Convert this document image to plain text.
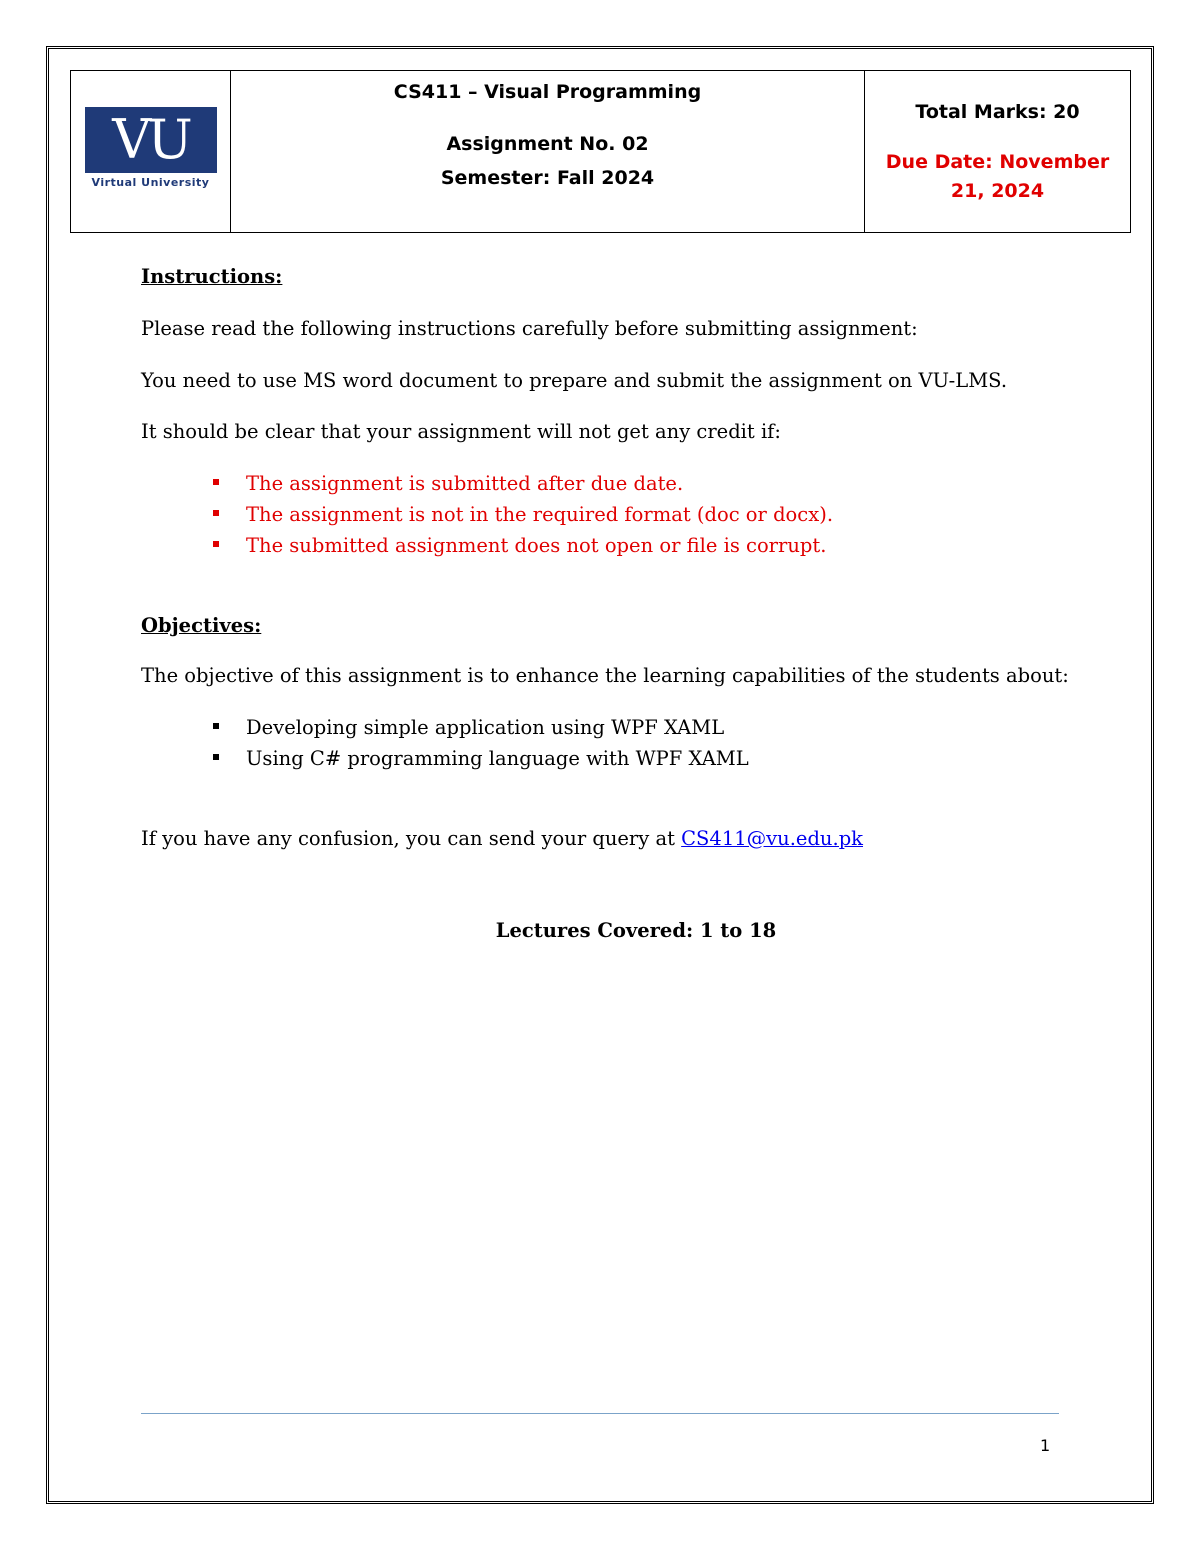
VU
Virtual University
CS411 – Visual Programming
Assignment No. 02
Semester: Fall 2024
Total Marks: 20
Due Date: November 21, 2024

Instructions:

Please read the following instructions carefully before submitting assignment:

You need to use MS word document to prepare and submit the assignment on VU-LMS.

It should be clear that your assignment will not get any credit if:

The assignment is submitted after due date.
The assignment is not in the required format (doc or docx).
The submitted assignment does not open or file is corrupt.

Objectives:

The objective of this assignment is to enhance the learning capabilities of the students about:

Developing simple application using WPF XAML
Using C# programming language with WPF XAML

If you have any confusion, you can send your query at CS411@vu.edu.pk

Lectures Covered: 1 to 18

1
